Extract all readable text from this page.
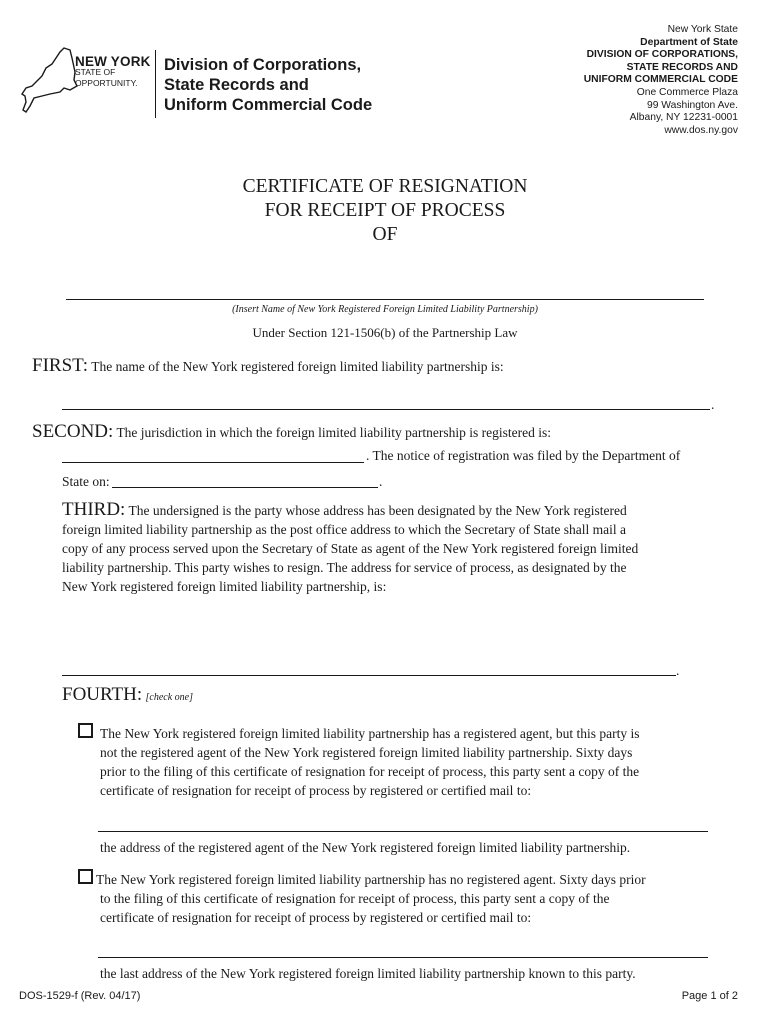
NEW YORK
STATE OF
OPPORTUNITY.
Division of Corporations,
State Records and
Uniform Commercial Code
New York State
Department of State
DIVISION OF CORPORATIONS,
STATE RECORDS AND
UNIFORM COMMERCIAL CODE
One Commerce Plaza
99 Washington Ave.
Albany, NY 12231-0001
www.dos.ny.gov
CERTIFICATE OF RESIGNATION
FOR RECEIPT OF PROCESS
OF
(Insert Name of New York Registered Foreign Limited Liability Partnership)
Under Section 121-1506(b) of the Partnership Law
FIRST: The name of the New York registered foreign limited liability partnership is:
.
SECOND: The jurisdiction in which the foreign limited liability partnership is registered is:
. The notice of registration was filed by the Department of
State on:	.
THIRD: The undersigned is the party whose address has been designated by the New York registered
foreign limited liability partnership as the post office address to which the Secretary of State shall mail a
copy of any process served upon the Secretary of State as agent of the New York registered foreign limited
liability partnership. This party wishes to resign. The address for service of process, as designated by the
New York registered foreign limited liability partnership, is:
.
FOURTH: [check one]
The New York registered foreign limited liability partnership has a registered agent, but this party is
not the registered agent of the New York registered foreign limited liability partnership. Sixty days
prior to the filing of this certificate of resignation for receipt of process, this party sent a copy of the
certificate of resignation for receipt of process by registered or certified mail to:
the address of the registered agent of the New York registered foreign limited liability partnership.
The New York registered foreign limited liability partnership has no registered agent. Sixty days prior
to the filing of this certificate of resignation for receipt of process, this party sent a copy of the
certificate of resignation for receipt of process by registered or certified mail to:
the last address of the New York registered foreign limited liability partnership known to this party.
DOS-1529-f (Rev. 04/17)	Page 1 of 2
